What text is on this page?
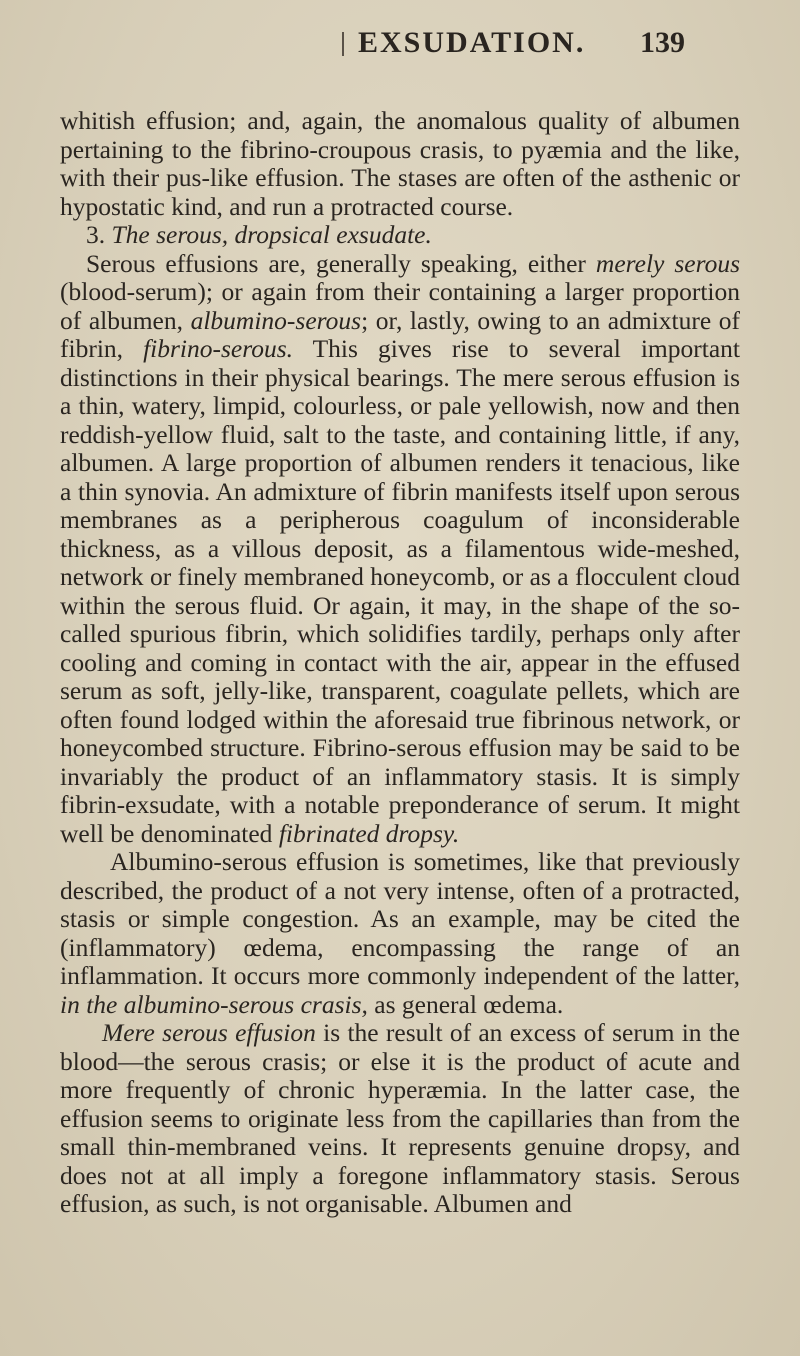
EXSUDATION. 139

whitish effusion; and, again, the anomalous quality of albumen pertaining to the fibrino-croupous crasis, to pyæmia and the like, with their pus-like effusion. The stases are often of the asthenic or hypostatic kind, and run a protracted course.

3. The serous, dropsical exsudate.

Serous effusions are, generally speaking, either merely serous (blood-serum); or again from their containing a larger proportion of albumen, albumino-serous; or, lastly, owing to an admixture of fibrin, fibrino-serous. This gives rise to several important distinctions in their physical bearings. The mere serous effusion is a thin, watery, limpid, colourless, or pale yellowish, now and then reddish-yellow fluid, salt to the taste, and containing little, if any, albumen. A large proportion of albumen renders it tenacious, like a thin synovia. An admixture of fibrin manifests itself upon serous membranes as a peripherous coagulum of inconsiderable thickness, as a villous deposit, as a filamentous wide-meshed, network or finely membraned honeycomb, or as a flocculent cloud within the serous fluid. Or again, it may, in the shape of the so-called spurious fibrin, which solidifies tardily, perhaps only after cooling and coming in contact with the air, appear in the effused serum as soft, jelly-like, transparent, coagulate pellets, which are often found lodged within the aforesaid true fibrinous network, or honeycombed structure. Fibrino-serous effusion may be said to be invariably the product of an inflammatory stasis. It is simply fibrin-exsudate, with a notable preponderance of serum. It might well be denominated fibrinated dropsy.

Albumino-serous effusion is sometimes, like that previously described, the product of a not very intense, often of a protracted, stasis or simple congestion. As an example, may be cited the (inflammatory) œdema, encompassing the range of an inflammation. It occurs more commonly independent of the latter, in the albumino-serous crasis, as general œdema.

Mere serous effusion is the result of an excess of serum in the blood—the serous crasis; or else it is the product of acute and more frequently of chronic hyperæmia. In the latter case, the effusion seems to originate less from the capillaries than from the small thin-membraned veins. It represents genuine dropsy, and does not at all imply a foregone inflammatory stasis. Serous effusion, as such, is not organisable. Albumen and
